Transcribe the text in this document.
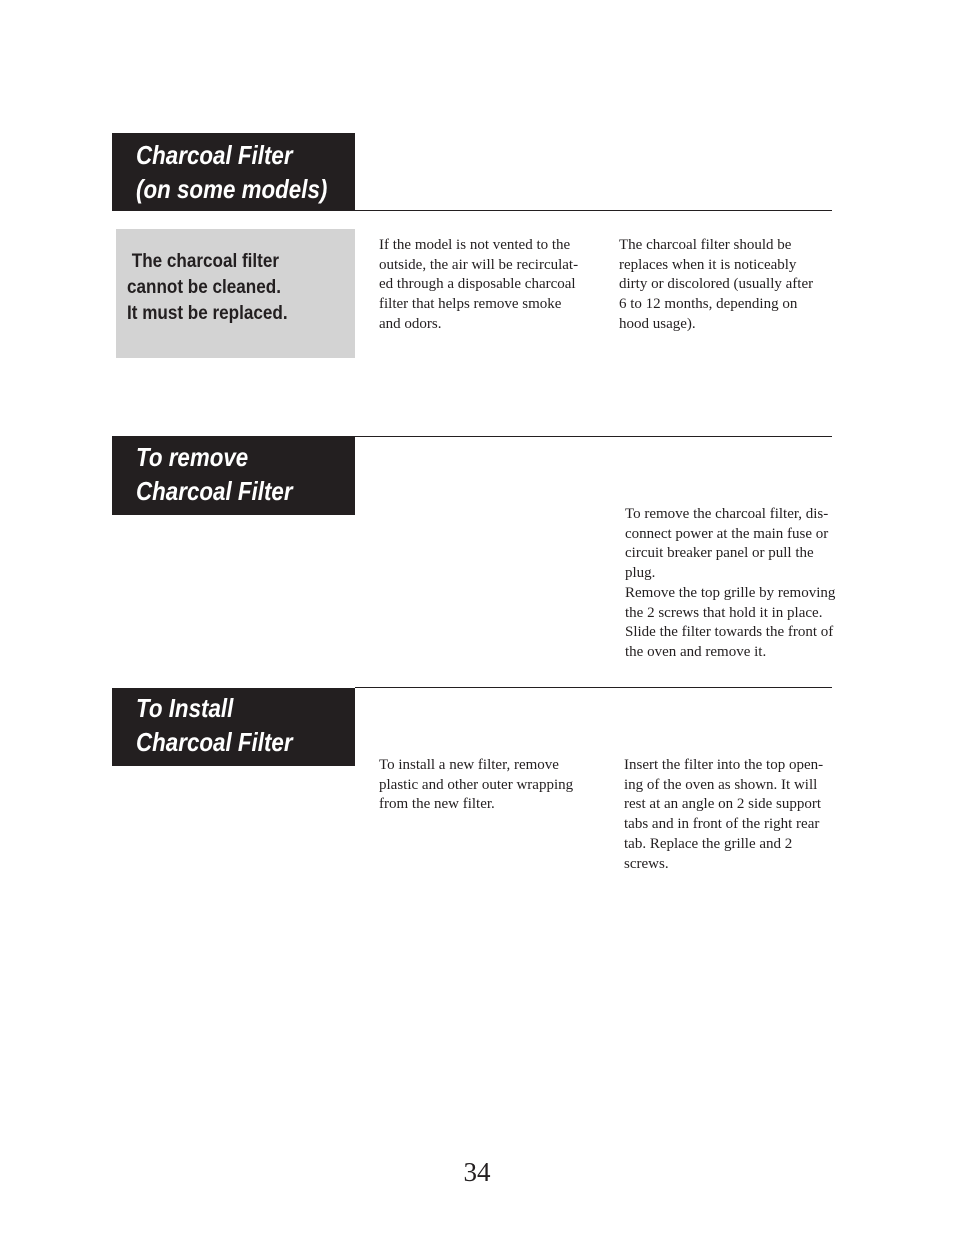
Charcoal Filter
(on some models)
The charcoal filter
cannot be cleaned.
It must be replaced.
If the model is not vented to the
outside, the air will be recirculat-
ed through a disposable charcoal
filter that helps remove smoke
and odors.
The charcoal filter should be
replaces when it is noticeably
dirty or discolored (usually after
6 to 12 months, depending on
hood usage).
To remove
Charcoal Filter
To remove the charcoal filter, dis-
connect power at the main fuse or
circuit breaker panel or pull the
plug.
Remove the top grille by removing
the 2 screws that hold it in place.
Slide the filter towards the front of
the oven and remove it.
To Install
Charcoal Filter
To install a new filter, remove
plastic and other outer wrapping
from the new filter.
Insert the filter into the top open-
ing of the oven as shown. It will
rest at an angle on 2 side support
tabs and in front of the right rear
tab. Replace the grille and 2
screws.
34
